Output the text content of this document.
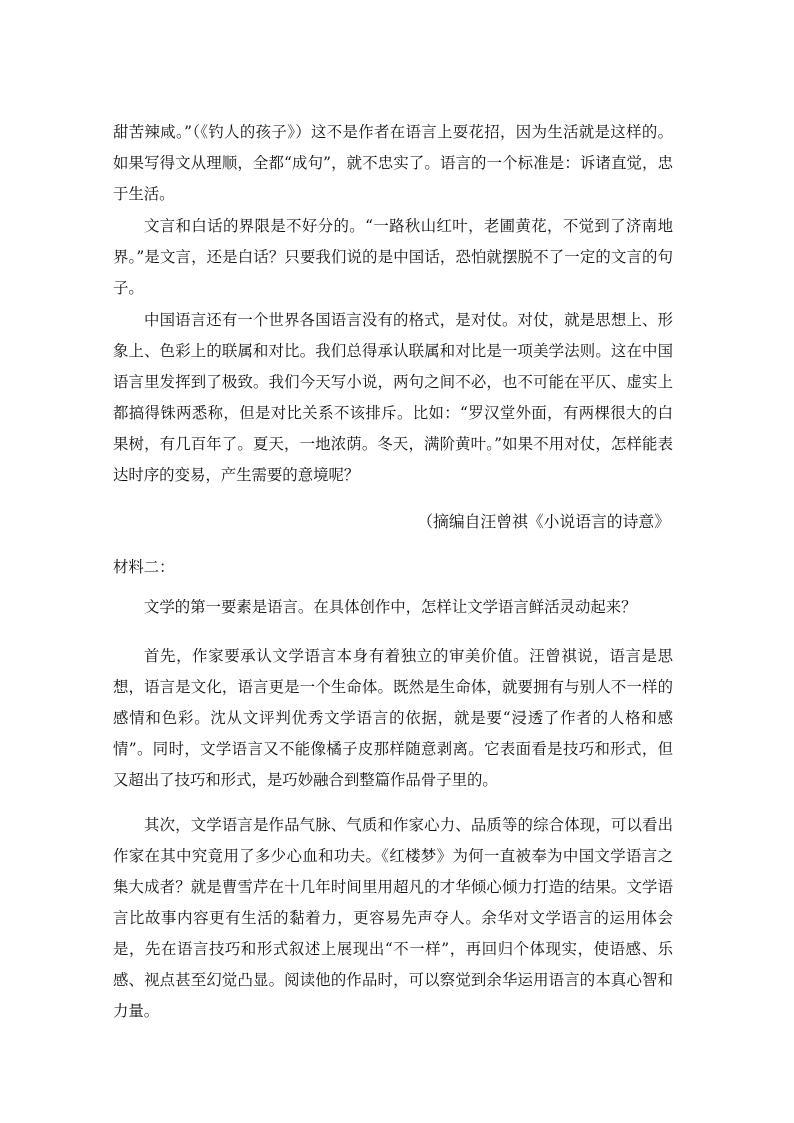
甜苦辣咸。”（《钓人的孩子》）这不是作者在语言上耍花招，因为生活就是这样的。如果写得文从理顺，全都“成句”，就不忠实了。语言的一个标准是：诉诸直觉，忠于生活。

文言和白话的界限是不好分的。“一路秋山红叶，老圃黄花，不觉到了济南地界。”是文言，还是白话？只要我们说的是中国话，恐怕就摆脱不了一定的文言的句子。

中国语言还有一个世界各国语言没有的格式，是对仗。对仗，就是思想上、形象上、色彩上的联属和对比。我们总得承认联属和对比是一项美学法则。这在中国语言里发挥到了极致。我们今天写小说，两句之间不必，也不可能在平仄、虚实上都搞得铢两悉称，但是对比关系不该排斥。比如：“罗汉堂外面，有两棵很大的白果树，有几百年了。夏天，一地浓荫。冬天，满阶黄叶。”如果不用对仗，怎样能表达时序的变易，产生需要的意境呢？

（摘编自汪曾祺《小说语言的诗意》
材料二：

文学的第一要素是语言。在具体创作中，怎样让文学语言鲜活灵动起来？

首先，作家要承认文学语言本身有着独立的审美价值。汪曾祺说，语言是思想，语言是文化，语言更是一个生命体。既然是生命体，就要拥有与别人不一样的感情和色彩。沈从文评判优秀文学语言的依据，就是要“浸透了作者的人格和感情”。同时，文学语言又不能像橘子皮那样随意剥离。它表面看是技巧和形式，但又超出了技巧和形式，是巧妙融合到整篇作品骨子里的。

其次，文学语言是作品气脉、气质和作家心力、品质等的综合体现，可以看出作家在其中究竟用了多少心血和功夫。《红楼梦》为何一直被奉为中国文学语言之集大成者？就是曹雪芹在十几年时间里用超凡的才华倾心倾力打造的结果。文学语言比故事内容更有生活的黏着力，更容易先声夺人。余华对文学语言的运用体会是，先在语言技巧和形式叙述上展现出“不一样”，再回归个体现实，使语感、乐感、视点甚至幻觉凸显。阅读他的作品时，可以察觉到余华运用语言的本真心智和力量。
